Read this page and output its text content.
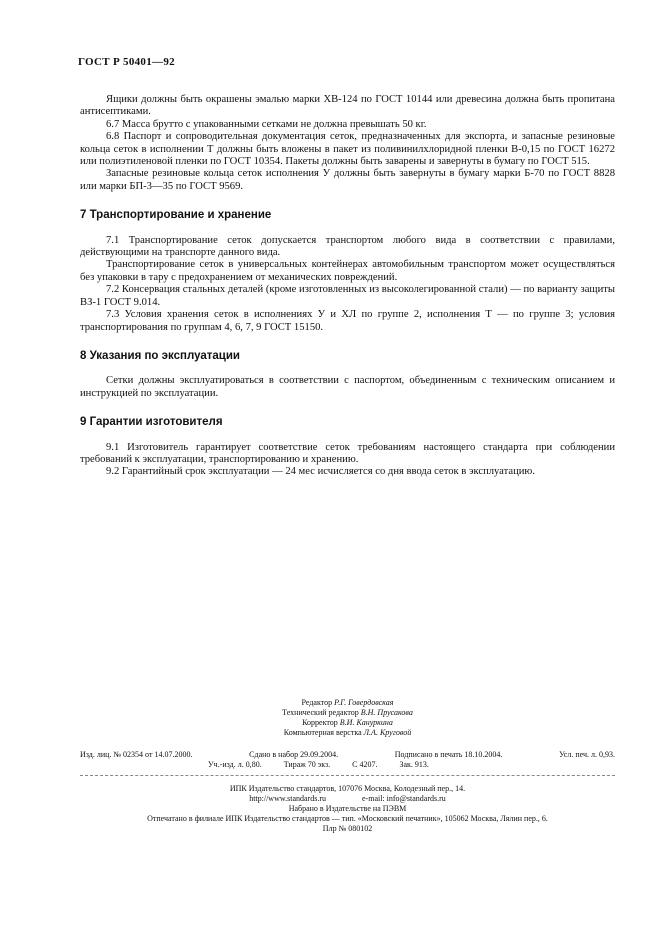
ГОСТ Р 50401—92

Ящики должны быть окрашены эмалью марки ХВ-124 по ГОСТ 10144 или древесина должна быть пропитана антисептиками.

6.7 Масса брутто с упакованными сетками не должна превышать 50 кг.

6.8 Паспорт и сопроводительная документация сеток, предназначенных для экспорта, и запасные резиновые кольца сеток в исполнении Т должны быть вложены в пакет из поливинилхлоридной пленки В-0,15 по ГОСТ 16272 или полиэтиленовой пленки по ГОСТ 10354. Пакеты должны быть заварены и завернуты в бумагу по ГОСТ 515.

Запасные резиновые кольца сеток исполнения У должны быть завернуты в бумагу марки Б-70 по ГОСТ 8828 или марки БП-3—35 по ГОСТ 9569.

7 Транспортирование и хранение

7.1 Транспортирование сеток допускается транспортом любого вида в соответствии с правилами, действующими на транспорте данного вида.

Транспортирование сеток в универсальных контейнерах автомобильным транспортом может осуществляться без упаковки в тару с предохранением от механических повреждений.

7.2 Консервация стальных деталей (кроме изготовленных из высоколегированной стали) — по варианту защиты ВЗ-1 ГОСТ 9.014.

7.3 Условия хранения сеток в исполнениях У и ХЛ по группе 2, исполнения Т — по группе 3; условия транспортирования по группам 4, 6, 7, 9 ГОСТ 15150.

8 Указания по эксплуатации

Сетки должны эксплуатироваться в соответствии с паспортом, объединенным с техническим описанием и инструкцией по эксплуатации.

9 Гарантии изготовителя

9.1 Изготовитель гарантирует соответствие сеток требованиям настоящего стандарта при соблюдении требований к эксплуатации, транспортированию и хранению.

9.2 Гарантийный срок эксплуатации — 24 мес исчисляется со дня ввода сеток в эксплуатацию.

Редактор Р.Г. Говердовская
Технический редактор В.Н. Прусакова
Корректор В.И. Кануркина
Компьютерная верстка Л.А. Круговой
Изд. лиц. № 02354 от 14.07.2000.	Сдано в набор 29.09.2004.	Подписано в печать 18.10.2004.	Усл. печ. л. 0,93.
Уч.-изд. л. 0,80.	Тираж 70 экз.	С 4207.	Зак. 913.
ИПК Издательство стандартов, 107076 Москва, Колодезный пер., 14.
http://www.standards.ru	e-mail: info@standards.ru
Набрано в Издательстве на ПЭВМ
Отпечатано в филиале ИПК Издательство стандартов — тип. «Московский печатник», 105062 Москва, Лялин пер., 6.
Плр № 080102
